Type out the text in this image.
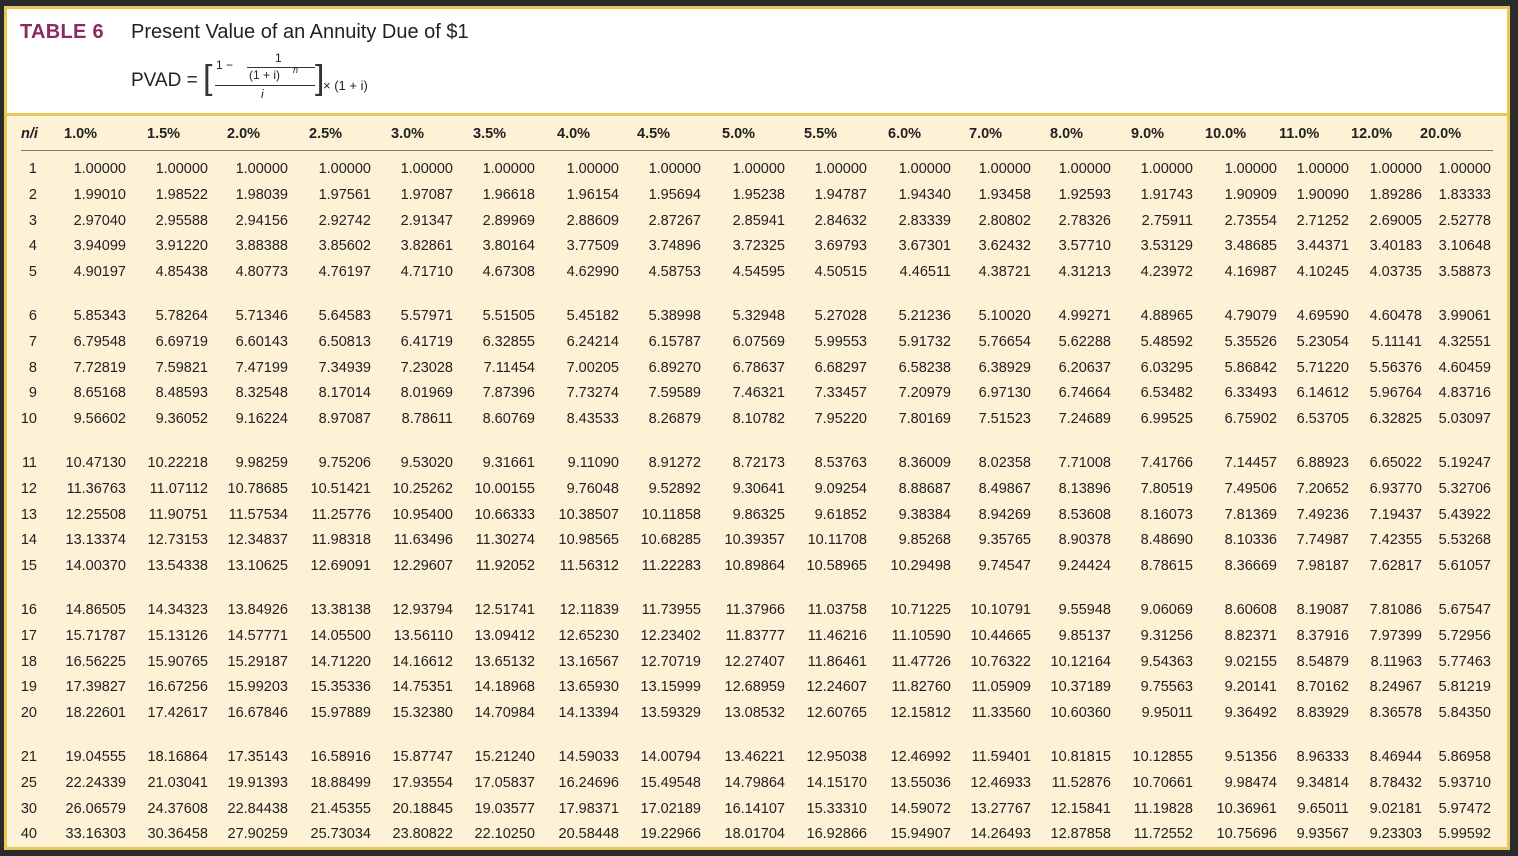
TABLE 6 Present Value of an Annuity Due of $1
PVAD = [ 1 −	1
(1 + i) n
i ]
× (1 + i)
n/i 1.0%	1.5%	2.0%	2.5%	3.0%	3.5%	4.0%	4.5%	5.0%	5.5%	6.0%	7.0%	8.0%	9.0%	10.0% 11.0% 12.0% 20.0%
1	1.00000 1.00000 1.00000 1.00000 1.00000 1.00000 1.00000 1.00000 1.00000 1.00000 1.00000 1.00000 1.00000 1.00000 1.00000 1.00000 1.00000 1.00000
2	1.99010 1.98522 1.98039 1.97561 1.97087 1.96618 1.96154 1.95694 1.95238 1.94787 1.94340 1.93458 1.92593 1.91743 1.90909 1.90090 1.89286 1.83333
3	2.97040 2.95588 2.94156 2.92742 2.91347 2.89969 2.88609 2.87267 2.85941 2.84632 2.83339 2.80802 2.78326 2.75911 2.73554 2.71252 2.69005 2.52778
4	3.94099 3.91220 3.88388 3.85602 3.82861 3.80164 3.77509 3.74896 3.72325 3.69793 3.67301 3.62432 3.57710 3.53129 3.48685 3.44371 3.40183 3.10648
5	4.90197 4.85438 4.80773 4.76197 4.71710 4.67308 4.62990 4.58753 4.54595 4.50515 4.46511 4.38721 4.31213 4.23972 4.16987 4.10245 4.03735 3.58873
6	5.85343 5.78264 5.71346 5.64583 5.57971 5.51505 5.45182 5.38998 5.32948 5.27028 5.21236 5.10020 4.99271 4.88965 4.79079 4.69590 4.60478 3.99061
7	6.79548 6.69719 6.60143 6.50813 6.41719 6.32855 6.24214 6.15787 6.07569 5.99553 5.91732 5.76654 5.62288 5.48592 5.35526 5.23054 5.11141 4.32551
8	7.72819 7.59821 7.47199 7.34939 7.23028 7.11454 7.00205 6.89270 6.78637 6.68297 6.58238 6.38929 6.20637 6.03295 5.86842 5.71220 5.56376 4.60459
9	8.65168 8.48593 8.32548 8.17014 8.01969 7.87396 7.73274 7.59589 7.46321 7.33457 7.20979 6.97130 6.74664 6.53482 6.33493 6.14612 5.96764 4.83716
10	9.56602 9.36052 9.16224 8.97087 8.78611 8.60769 8.43533 8.26879 8.10782 7.95220 7.80169 7.51523 7.24689 6.99525 6.75902 6.53705 6.32825 5.03097
11 10.47130 10.22218 9.98259 9.75206 9.53020 9.31661 9.11090 8.91272 8.72173 8.53763 8.36009 8.02358 7.71008 7.41766 7.14457 6.88923 6.65022 5.19247
12 11.36763 11.07112 10.78685 10.51421 10.25262 10.00155 9.76048 9.52892 9.30641 9.09254 8.88687 8.49867 8.13896 7.80519 7.49506 7.20652 6.93770 5.32706
13 12.25508 11.90751 11.57534 11.25776 10.95400 10.66333 10.38507 10.11858 9.86325 9.61852 9.38384 8.94269 8.53608 8.16073 7.81369 7.49236 7.19437 5.43922
14 13.13374 12.73153 12.34837 11.98318 11.63496 11.30274 10.98565 10.68285 10.39357 10.11708 9.85268 9.35765 8.90378 8.48690 8.10336 7.74987 7.42355 5.53268
15 14.00370 13.54338 13.10625 12.69091 12.29607 11.92052 11.56312 11.22283 10.89864 10.58965 10.29498 9.74547 9.24424 8.78615 8.36669 7.98187 7.62817 5.61057
16 14.86505 14.34323 13.84926 13.38138 12.93794 12.51741 12.11839 11.73955 11.37966 11.03758 10.71225 10.10791 9.55948 9.06069 8.60608 8.19087 7.81086 5.67547
17 15.71787 15.13126 14.57771 14.05500 13.56110 13.09412 12.65230 12.23402 11.83777 11.46216 11.10590 10.44665 9.85137 9.31256 8.82371 8.37916 7.97399 5.72956
18 16.56225 15.90765 15.29187 14.71220 14.16612 13.65132 13.16567 12.70719 12.27407 11.86461 11.47726 10.76322 10.12164 9.54363 9.02155 8.54879 8.11963 5.77463
19 17.39827 16.67256 15.99203 15.35336 14.75351 14.18968 13.65930 13.15999 12.68959 12.24607 11.82760 11.05909 10.37189 9.75563 9.20141 8.70162 8.24967 5.81219
20 18.22601 17.42617 16.67846 15.97889 15.32380 14.70984 14.13394 13.59329 13.08532 12.60765 12.15812 11.33560 10.60360 9.95011 9.36492 8.83929 8.36578 5.84350
21 19.04555 18.16864 17.35143 16.58916 15.87747 15.21240 14.59033 14.00794 13.46221 12.95038 12.46992 11.59401 10.81815 10.12855 9.51356 8.96333 8.46944 5.86958
25 22.24339 21.03041 19.91393 18.88499 17.93554 17.05837 16.24696 15.49548 14.79864 14.15170 13.55036 12.46933 11.52876 10.70661 9.98474 9.34814 8.78432 5.93710
30 26.06579 24.37608 22.84438 21.45355 20.18845 19.03577 17.98371 17.02189 16.14107 15.33310 14.59072 13.27767 12.15841 11.19828 10.36961 9.65011 9.02181 5.97472
40 33.16303 30.36458 27.90259 25.73034 23.80822 22.10250 20.58448 19.22966 18.01704 16.92866 15.94907 14.26493 12.87858 11.72552 10.75696 9.93567 9.23303 5.99592
